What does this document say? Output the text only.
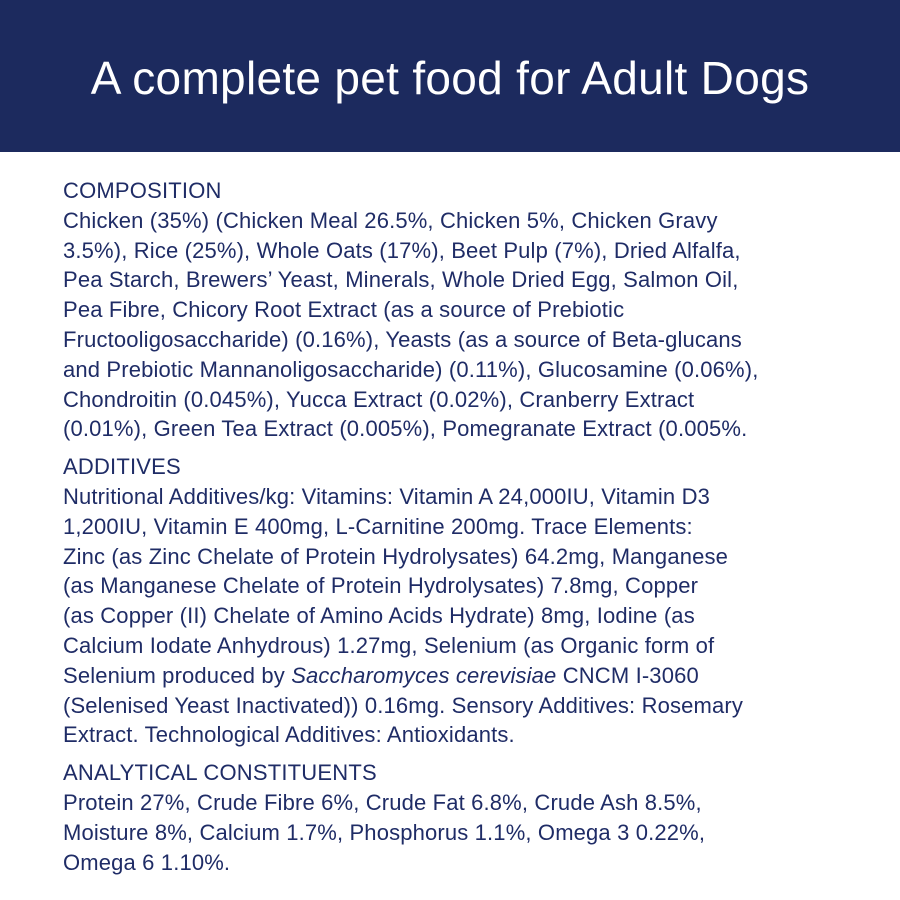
A complete pet food for Adult Dogs
COMPOSITION
Chicken (35%) (Chicken Meal 26.5%, Chicken 5%, Chicken Gravy
3.5%), Rice (25%), Whole Oats (17%), Beet Pulp (7%), Dried Alfalfa,
Pea Starch, Brewers’ Yeast, Minerals, Whole Dried Egg, Salmon Oil,
Pea Fibre, Chicory Root Extract (as a source of Prebiotic
Fructooligosaccharide) (0.16%), Yeasts (as a source of Beta-glucans
and Prebiotic Mannanoligosaccharide) (0.11%), Glucosamine (0.06%),
Chondroitin (0.045%), Yucca Extract (0.02%), Cranberry Extract
(0.01%), Green Tea Extract (0.005%), Pomegranate Extract (0.005%.
ADDITIVES
Nutritional Additives/kg: Vitamins: Vitamin A 24,000IU, Vitamin D3
1,200IU, Vitamin E 400mg, L-Carnitine 200mg. Trace Elements:
Zinc (as Zinc Chelate of Protein Hydrolysates) 64.2mg, Manganese
(as Manganese Chelate of Protein Hydrolysates) 7.8mg, Copper
(as Copper (II) Chelate of Amino Acids Hydrate) 8mg, Iodine (as
Calcium Iodate Anhydrous) 1.27mg, Selenium (as Organic form of
Selenium produced by Saccharomyces cerevisiae CNCM I-3060
(Selenised Yeast Inactivated)) 0.16mg. Sensory Additives: Rosemary
Extract. Technological Additives: Antioxidants.
ANALYTICAL CONSTITUENTS
Protein 27%, Crude Fibre 6%, Crude Fat 6.8%, Crude Ash 8.5%,
Moisture 8%, Calcium 1.7%, Phosphorus 1.1%, Omega 3 0.22%,
Omega 6 1.10%.
